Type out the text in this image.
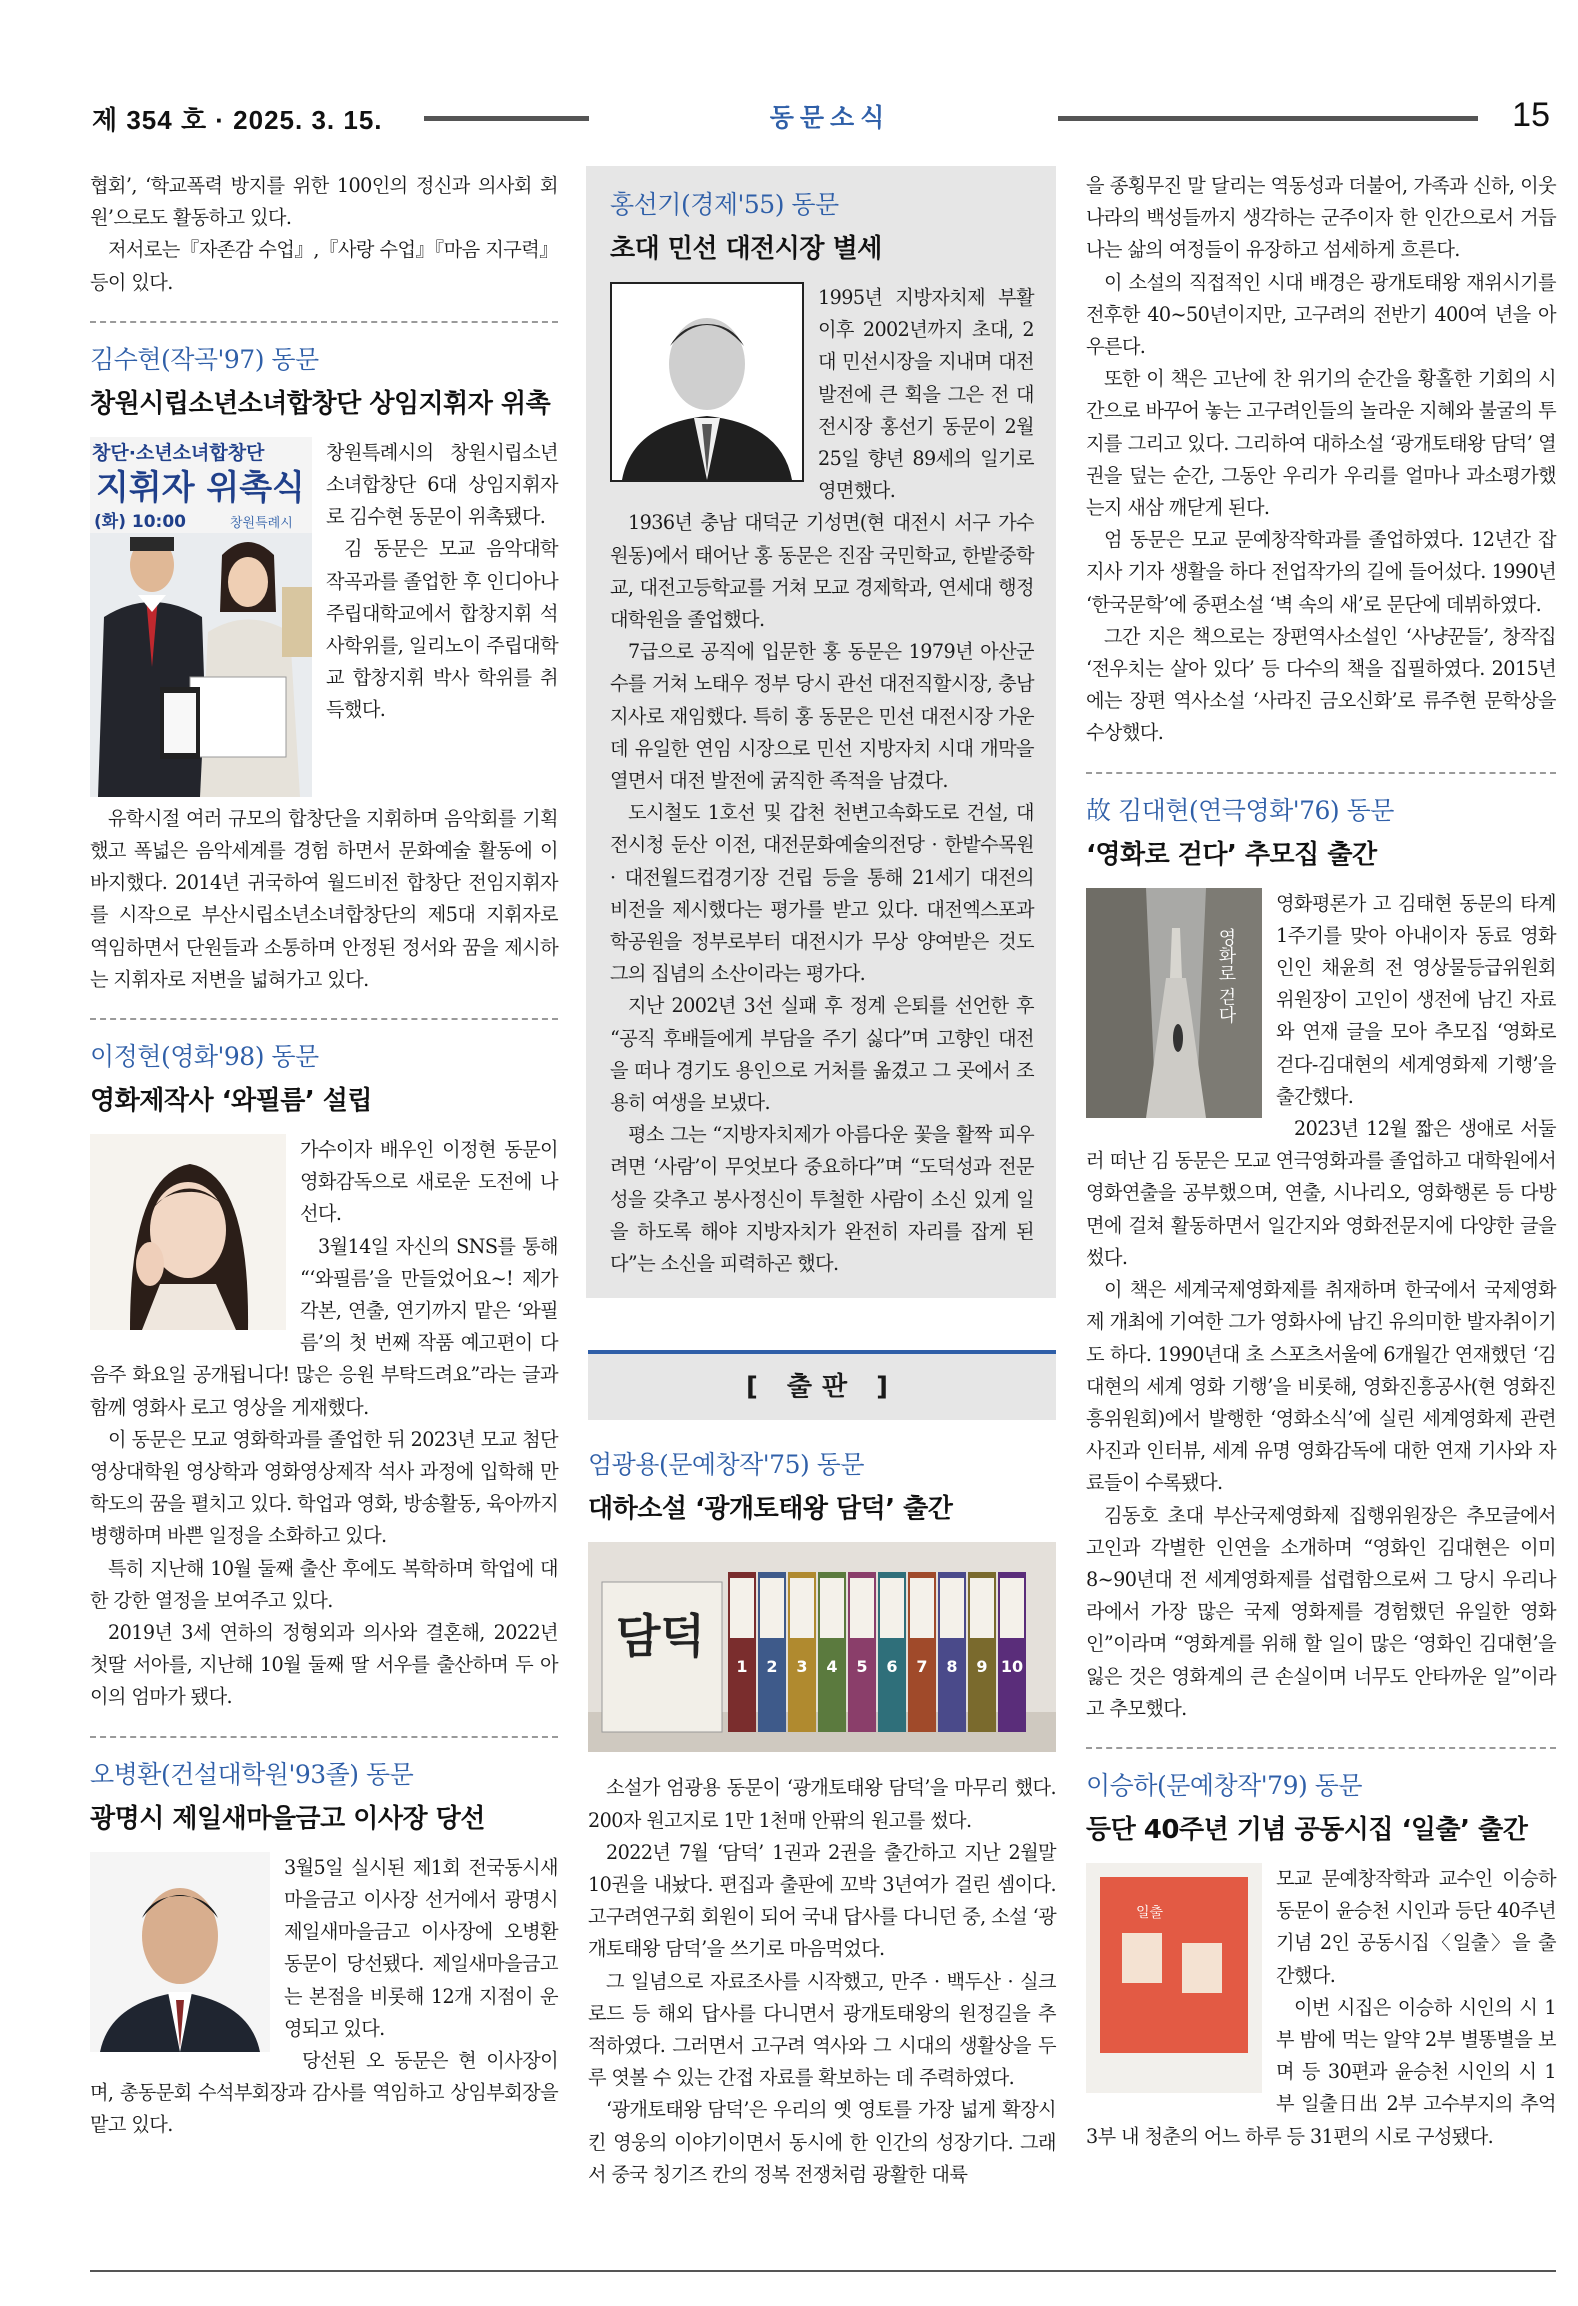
제 354 호 · 2025. 3. 15.	동문소식	15

협회’, ‘학교폭력 방지를 위한 100인의 정신과 의사회 회원’으로도 활동하고 있다.

저서로는『자존감 수업』,『사랑 수업』『마음 지구력』 등이 있다.

김수현(작곡'97) 동문
창원시립소년소녀합창단 상임지휘자 위촉
창단·소년소녀합창단
지휘자 위촉식
(화) 10:00	창원특례시

창원특례시의 창원시립소년소녀합창단 6대 상임지휘자로 김수현 동문이 위촉됐다.

김 동문은 모교 음악대학 작곡과를 졸업한 후 인디아나 주립대학교에서 합창지휘 석사학위를, 일리노이 주립대학교 합창지휘 박사 학위를 취득했다.

유학시절 여러 규모의 합창단을 지휘하며 음악회를 기획했고 폭넓은 음악세계를 경험 하면서 문화예술 활동에 이바지했다. 2014년 귀국하여 월드비전 합창단 전임지휘자를 시작으로 부산시립소년소녀합창단의 제5대 지휘자로 역임하면서 단원들과 소통하며 안정된 정서와 꿈을 제시하는 지휘자로 저변을 넓혀가고 있다.

이정현(영화'98) 동문
영화제작사 ‘와필름’ 설립

가수이자 배우인 이정현 동문이 영화감독으로 새로운 도전에 나선다.

3월14일 자신의 SNS를 통해 “‘와필름’을 만들었어요~! 제가 각본, 연출, 연기까지 맡은 ‘와필름’의 첫 번째 작품 예고편이 다음주 화요일 공개됩니다! 많은 응원 부탁드려요”라는 글과 함께 영화사 로고 영상을 게재했다.

이 동문은 모교 영화학과를 졸업한 뒤 2023년 모교 첨단영상대학원 영상학과 영화영상제작 석사 과정에 입학해 만학도의 꿈을 펼치고 있다. 학업과 영화, 방송활동, 육아까지 병행하며 바쁜 일정을 소화하고 있다.

특히 지난해 10월 둘째 출산 후에도 복학하며 학업에 대한 강한 열정을 보여주고 있다.

2019년 3세 연하의 정형외과 의사와 결혼해, 2022년 첫딸 서아를, 지난해 10월 둘째 딸 서우를 출산하며 두 아이의 엄마가 됐다.

오병환(건설대학원'93졸) 동문
광명시 제일새마을금고 이사장 당선

3월5일 실시된 제1회 전국동시새마을금고 이사장 선거에서 광명시 제일새마을금고 이사장에 오병환 동문이 당선됐다. 제일새마을금고는 본점을 비롯해 12개 지점이 운영되고 있다.

당선된 오 동문은 현 이사장이며, 총동문회 수석부회장과 감사를 역임하고 상임부회장을 맡고 있다.

홍선기(경제'55) 동문
초대 민선 대전시장 별세

1995년 지방자치제 부활 이후 2002년까지 초대, 2대 민선시장을 지내며 대전 발전에 큰 획을 그은 전 대전시장 홍선기 동문이 2월25일 향년 89세의 일기로 영면했다.

1936년 충남 대덕군 기성면(현 대전시 서구 가수원동)에서 태어난 홍 동문은 진잠 국민학교, 한밭중학교, 대전고등학교를 거쳐 모교 경제학과, 연세대 행정대학원을 졸업했다.

7급으로 공직에 입문한 홍 동문은 1979년 아산군수를 거쳐 노태우 정부 당시 관선 대전직할시장, 충남 지사로 재임했다. 특히 홍 동문은 민선 대전시장 가운데 유일한 연임 시장으로 민선 지방자치 시대 개막을 열면서 대전 발전에 굵직한 족적을 남겼다.

도시철도 1호선 및 갑천 천변고속화도로 건설, 대전시청 둔산 이전, 대전문화예술의전당 · 한밭수목원 · 대전월드컵경기장 건립 등을 통해 21세기 대전의 비전을 제시했다는 평가를 받고 있다. 대전엑스포과학공원을 정부로부터 대전시가 무상 양여받은 것도 그의 집념의 소산이라는 평가다.

지난 2002년 3선 실패 후 정계 은퇴를 선언한 후 “공직 후배들에게 부담을 주기 싫다”며 고향인 대전을 떠나 경기도 용인으로 거처를 옮겼고 그 곳에서 조용히 여생을 보냈다.

평소 그는 “지방자치제가 아름다운 꽃을 활짝 피우려면 ‘사람’이 무엇보다 중요하다”며 “도덕성과 전문성을 갖추고 봉사정신이 투철한 사람이 소신 있게 일을 하도록 해야 지방자치가 완전히 자리를 잡게 된다”는 소신을 피력하곤 했다.

[ 출판 ]
엄광용(문예창작'75) 동문
대하소설 ‘광개토태왕 담덕’ 출간
담덕
1 2 3 4 5 6 7 8 9 10

소설가 엄광용 동문이 ‘광개토태왕 담덕’을 마무리 했다. 200자 원고지로 1만 1천매 안팎의 원고를 썼다.

2022년 7월 ‘담덕’ 1권과 2권을 출간하고 지난 2월말 10권을 내놨다. 편집과 출판에 꼬박 3년여가 걸린 셈이다. 고구려연구회 회원이 되어 국내 답사를 다니던 중, 소설 ‘광개토태왕 담덕’을 쓰기로 마음먹었다.

그 일념으로 자료조사를 시작했고, 만주 · 백두산 · 실크로드 등 해외 답사를 다니면서 광개토태왕의 원정길을 추적하였다. 그러면서 고구려 역사와 그 시대의 생활상을 두루 엿볼 수 있는 간접 자료를 확보하는 데 주력하였다.

‘광개토태왕 담덕’은 우리의 옛 영토를 가장 넓게 확장시킨 영웅의 이야기이면서 동시에 한 인간의 성장기다. 그래서 중국 칭기즈 칸의 정복 전쟁처럼 광활한 대륙

을 종횡무진 말 달리는 역동성과 더불어, 가족과 신하, 이웃나라의 백성들까지 생각하는 군주이자 한 인간으로서 거듭나는 삶의 여정들이 유장하고 섬세하게 흐른다.

이 소설의 직접적인 시대 배경은 광개토태왕 재위시기를 전후한 40~50년이지만, 고구려의 전반기 400여 년을 아우른다.

또한 이 책은 고난에 찬 위기의 순간을 황홀한 기회의 시간으로 바꾸어 놓는 고구려인들의 놀라운 지혜와 불굴의 투지를 그리고 있다. 그리하여 대하소설 ‘광개토태왕 담덕’ 열 권을 덮는 순간, 그동안 우리가 우리를 얼마나 과소평가했는지 새삼 깨닫게 된다.

엄 동문은 모교 문예창작학과를 졸업하였다. 12년간 잡지사 기자 생활을 하다 전업작가의 길에 들어섰다. 1990년 ‘한국문학’에 중편소설 ‘벽 속의 새’로 문단에 데뷔하였다.

그간 지은 책으로는 장편역사소설인 ‘사냥꾼들’, 창작집 ‘전우치는 살아 있다’ 등 다수의 책을 집필하였다. 2015년에는 장편 역사소설 ‘사라진 금오신화’로 류주현 문학상을 수상했다.

故 김대현(연극영화'76) 동문
‘영화로 걷다’ 추모집 출간
영화로 걷다

영화평론가 고 김태현 동문의 타계 1주기를 맞아 아내이자 동료 영화인인 채윤희 전 영상물등급위원회 위원장이 고인이 생전에 남긴 자료와 연재 글을 모아 추모집 ‘영화로 걷다-김대현의 세계영화제 기행’을 출간했다.

2023년 12월 짧은 생애로 서둘러 떠난 김 동문은 모교 연극영화과를 졸업하고 대학원에서 영화연출을 공부했으며, 연출, 시나리오, 영화행론 등 다방면에 걸쳐 활동하면서 일간지와 영화전문지에 다양한 글을 썼다.

이 책은 세계국제영화제를 취재하며 한국에서 국제영화제 개최에 기여한 그가 영화사에 남긴 유의미한 발자취이기도 하다. 1990년대 초 스포츠서울에 6개월간 연재했던 ‘김대현의 세계 영화 기행’을 비롯해, 영화진흥공사(현 영화진흥위원회)에서 발행한 ‘영화소식’에 실린 세계영화제 관련 사진과 인터뷰, 세계 유명 영화감독에 대한 연재 기사와 자료들이 수록됐다.

김동호 초대 부산국제영화제 집행위원장은 추모글에서 고인과 각별한 인연을 소개하며 “영화인 김대현은 이미 8~90년대 전 세계영화제를 섭렵함으로써 그 당시 우리나라에서 가장 많은 국제 영화제를 경험했던 유일한 영화인”이라며 “영화계를 위해 할 일이 많은 ‘영화인 김대현’을 잃은 것은 영화계의 큰 손실이며 너무도 안타까운 일”이라고 추모했다.

이승하(문예창작'79) 동문
등단 40주년 기념 공동시집 ‘일출’ 출간
일출

모교 문예창작학과 교수인 이승하 동문이 윤승천 시인과 등단 40주년 기념 2인 공동시집〈일출〉을 출간했다.

이번 시집은 이승하 시인의 시 1부 밤에 먹는 알약 2부 별똥별을 보며 등 30편과 윤승천 시인의 시 1부 일출日出 2부 고수부지의 추억 3부 내 청춘의 어느 하루 등 31편의 시로 구성됐다.
